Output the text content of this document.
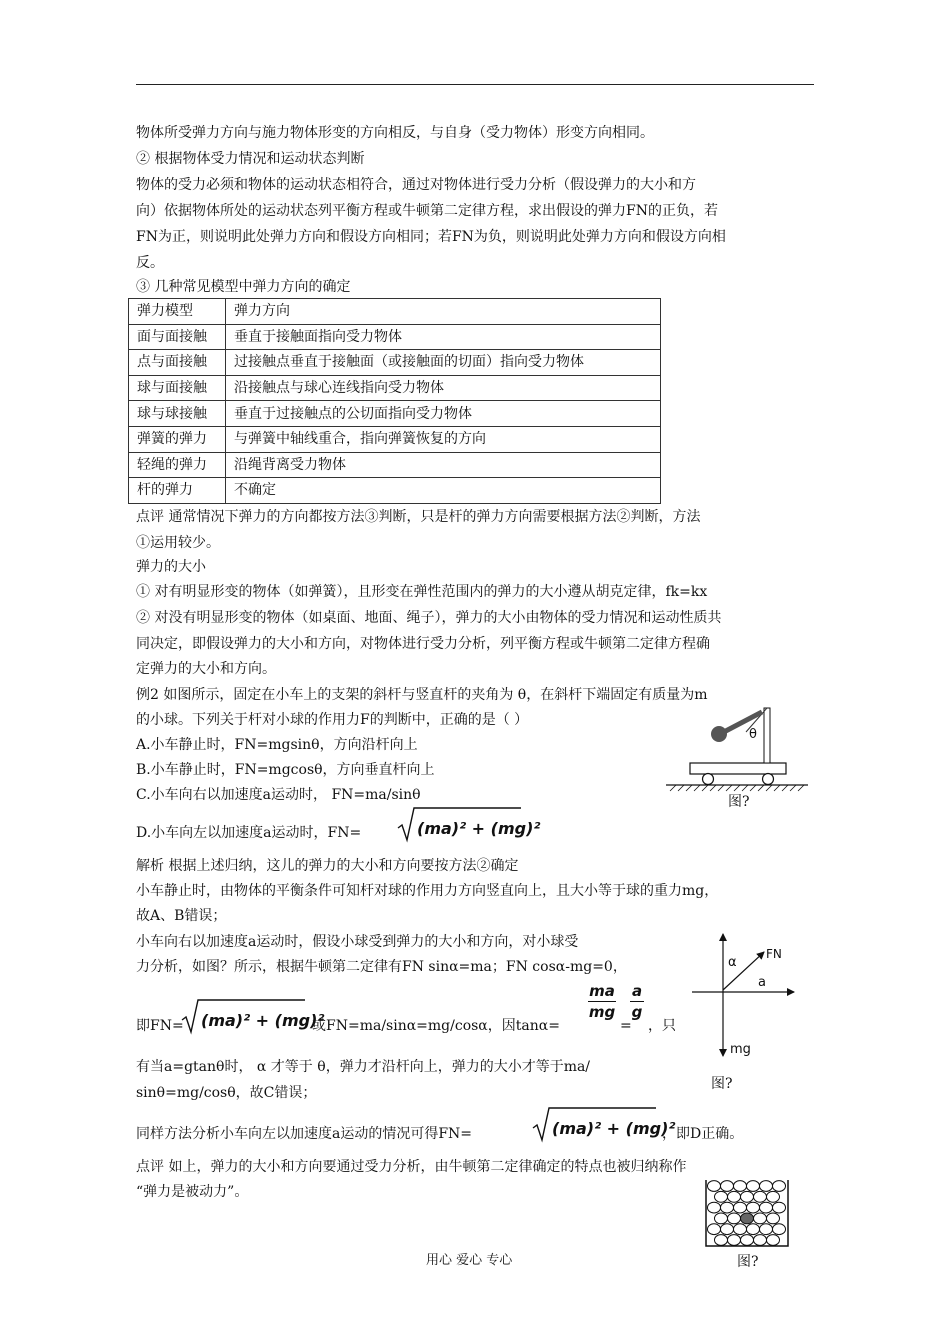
物体所受弹力方向与施力物体形变的方向相反，与自身（受力物体）形变方向相同。
② 根据物体受力情况和运动状态判断
物体的受力必须和物体的运动状态相符合，通过对物体进行受力分析（假设弹力的大小和方
向）依据物体所处的运动状态列平衡方程或牛顿第二定律方程，求出假设的弹力FN的正负，若
FN为正，则说明此处弹力方向和假设方向相同；若FN为负，则说明此处弹力方向和假设方向相
反。
③ 几种常见模型中弹力方向的确定
弹力模型	弹力方向
面与面接触	垂直于接触面指向受力物体
点与面接触	过接触点垂直于接触面（或接触面的切面）指向受力物体
球与面接触	沿接触点与球心连线指向受力物体
球与球接触	垂直于过接触点的公切面指向受力物体
弹簧的弹力	与弹簧中轴线重合，指向弹簧恢复的方向
轻绳的弹力	沿绳背离受力物体
杆的弹力	不确定
点评 通常情况下弹力的方向都按方法③判断，只是杆的弹力方向需要根据方法②判断，方法
①运用较少。
弹力的大小
① 对有明显形变的物体（如弹簧），且形变在弹性范围内的弹力的大小遵从胡克定律，fk=kx
② 对没有明显形变的物体（如桌面、地面、绳子），弹力的大小由物体的受力情况和运动性质共
同决定，即假设弹力的大小和方向，对物体进行受力分析，列平衡方程或牛顿第二定律方程确
定弹力的大小和方向。
例2 如图所示，固定在小车上的支架的斜杆与竖直杆的夹角为 θ，在斜杆下端固定有质量为m
的小球。下列关于杆对小球的作用力F的判断中，正确的是（ ）
A.小车静止时，FN=mgsinθ，方向沿杆向上
B.小车静止时，FN=mgcosθ，方向垂直杆向上
C.小车向右以加速度a运动时， FN=ma/sinθ
D.小车向左以加速度a运动时，FN=	(ma)² + (mg)²
θ
图?
解析 根据上述归纳，这儿的弹力的大小和方向要按方法②确定
小车静止时，由物体的平衡条件可知杆对球的作用力方向竖直向上，且大小等于球的重力mg，
故A、B错误；
小车向右以加速度a运动时，假设小球受到弹力的大小和方向，对小球受
力分析，如图？所示，根据牛顿第二定律有FN sinα=ma；FN cosα-mg=0，
即FN= (ma)² + (mg)²
或FN=ma/sinα=mg/cosα，因tanα=
ma
mg
=
a
g
，只
有当a=gtanθ时， α 才等于 θ，弹力才沿杆向上，弹力的大小才等于ma/
sinθ=mg/cosθ，故C错误；
同样方法分析小车向左以加速度a运动的情况可得FN=	(ma)² + (mg)²
，即D正确。
α
FN
a
mg
图?
点评 如上，弹力的大小和方向要通过受力分析，由牛顿第二定律确定的特点也被归纳称作
“弹力是被动力”。
图?
用心 爱心 专心
